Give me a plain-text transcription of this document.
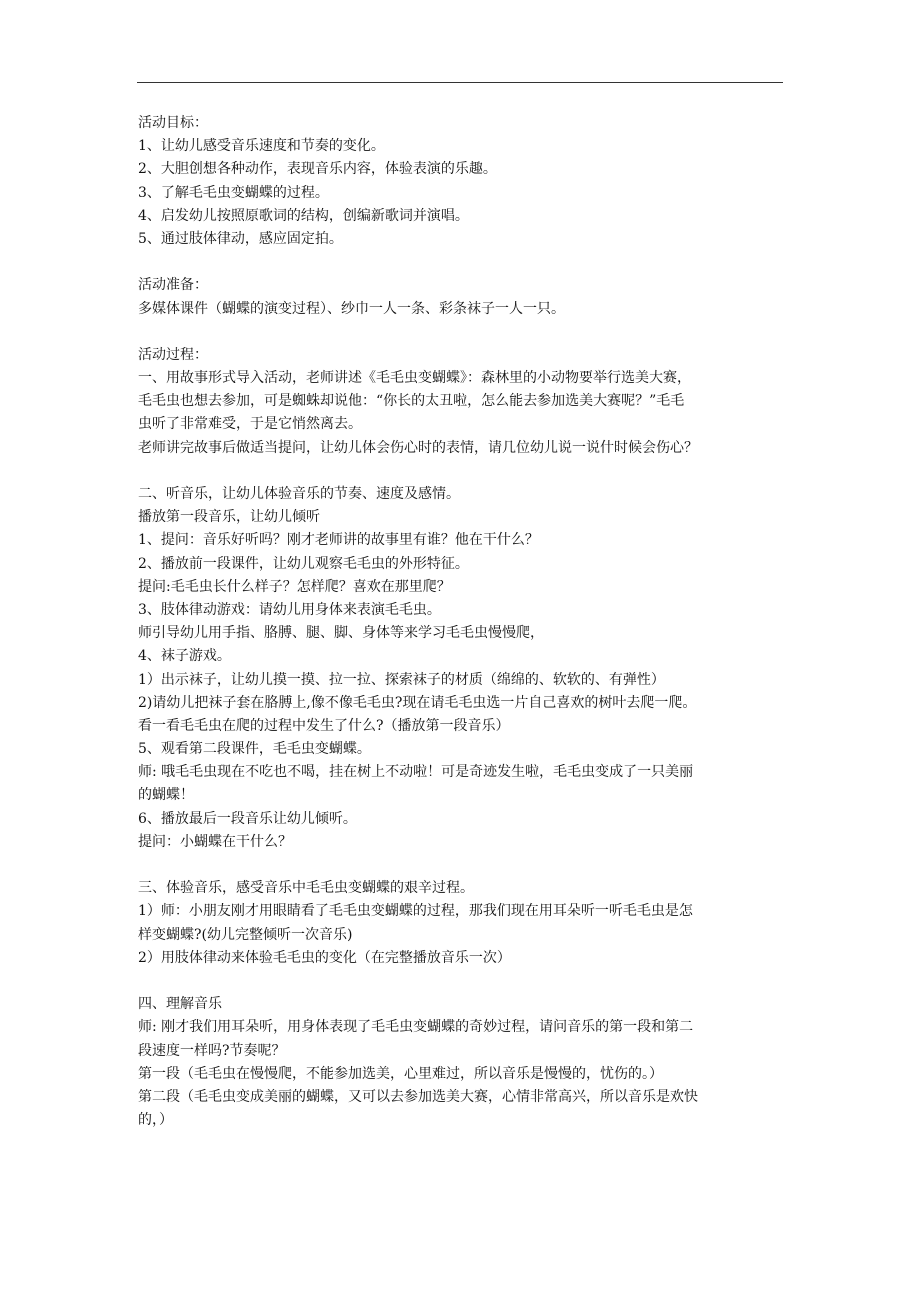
活动目标：
1、让幼儿感受音乐速度和节奏的变化。
2、大胆创想各种动作，表现音乐内容，体验表演的乐趣。
3、了解毛毛虫变蝴蝶的过程。
4、启发幼儿按照原歌词的结构，创编新歌词并演唱。
5、通过肢体律动，感应固定拍。
活动准备：
多媒体课件（蝴蝶的演变过程）、纱巾一人一条、彩条袜子一人一只。
活动过程：
一、用故事形式导入活动，老师讲述《毛毛虫变蝴蝶》：森林里的小动物要举行选美大赛，
毛毛虫也想去参加，可是蜘蛛却说他：“你长的太丑啦，怎么能去参加选美大赛呢？”毛毛
虫听了非常难受，于是它悄然离去。
老师讲完故事后做适当提问，让幼儿体会伤心时的表情，请几位幼儿说一说什时候会伤心？
二、听音乐，让幼儿体验音乐的节奏、速度及感情。
播放第一段音乐，让幼儿倾听
1、提问：音乐好听吗？刚才老师讲的故事里有谁？他在干什么？
2、播放前一段课件，让幼儿观察毛毛虫的外形特征。
提问:毛毛虫长什么样子？怎样爬？喜欢在那里爬？
3、肢体律动游戏：请幼儿用身体来表演毛毛虫。
师引导幼儿用手指、胳膊、腿、脚、身体等来学习毛毛虫慢慢爬，
4、袜子游戏。
1）出示袜子，让幼儿摸一摸、拉一拉、探索袜子的材质（绵绵的、软软的、有弹性）
2)请幼儿把袜子套在胳膊上,像不像毛毛虫?现在请毛毛虫选一片自己喜欢的树叶去爬一爬。
看一看毛毛虫在爬的过程中发生了什么?（播放第一段音乐）
5、观看第二段课件，毛毛虫变蝴蝶。
师: 哦毛毛虫现在不吃也不喝，挂在树上不动啦！可是奇迹发生啦，毛毛虫变成了一只美丽
的蝴蝶！
6、播放最后一段音乐让幼儿倾听。
提问：小蝴蝶在干什么？
三、体验音乐，感受音乐中毛毛虫变蝴蝶的艰辛过程。
1）师：小朋友刚才用眼睛看了毛毛虫变蝴蝶的过程，那我们现在用耳朵听一听毛毛虫是怎
样变蝴蝶?(幼儿完整倾听一次音乐)
2）用肢体律动来体验毛毛虫的变化（在完整播放音乐一次）
四、理解音乐
师: 刚才我们用耳朵听，用身体表现了毛毛虫变蝴蝶的奇妙过程，请问音乐的第一段和第二
段速度一样吗?节奏呢？
第一段（毛毛虫在慢慢爬，不能参加选美，心里难过，所以音乐是慢慢的，忧伤的。）
第二段（毛毛虫变成美丽的蝴蝶，又可以去参加选美大赛，心情非常高兴，所以音乐是欢快
的，）
